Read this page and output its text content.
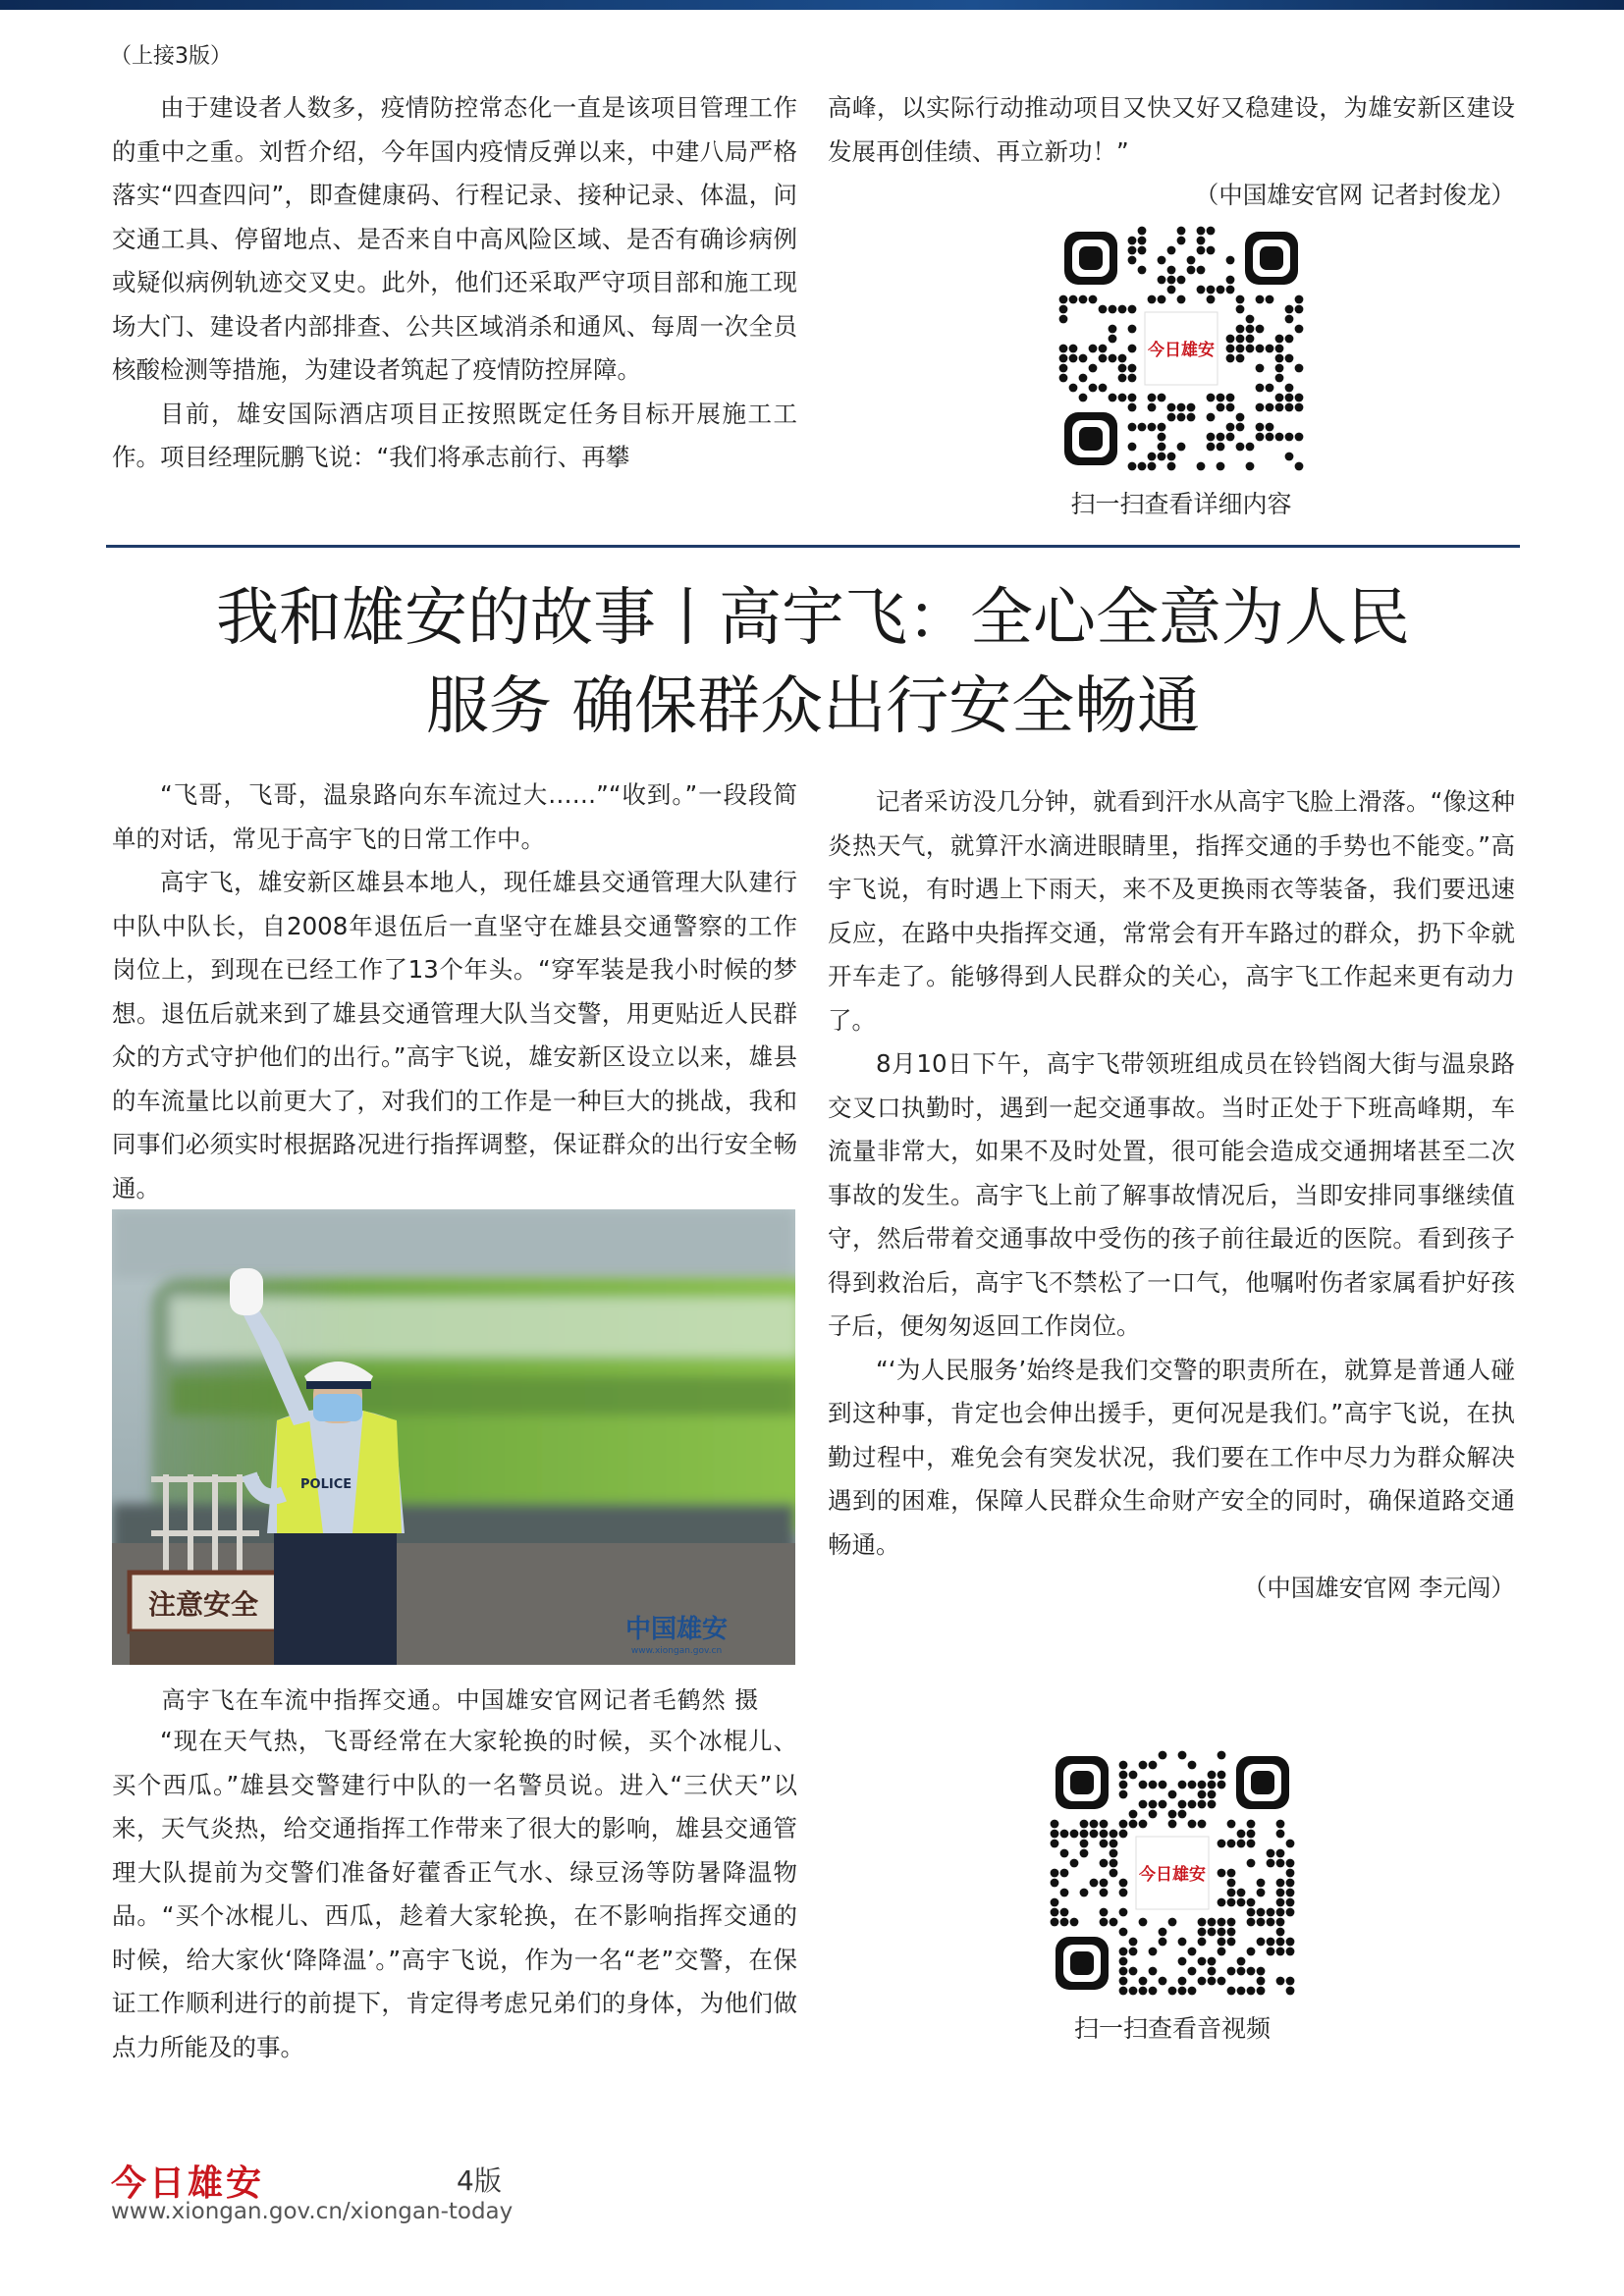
（上接3版）

由于建设者人数多，疫情防控常态化一直是该项目管理工作的重中之重。刘哲介绍，今年国内疫情反弹以来，中建八局严格落实“四查四问”，即查健康码、行程记录、接种记录、体温，问交通工具、停留地点、是否来自中高风险区域、是否有确诊病例或疑似病例轨迹交叉史。此外，他们还采取严守项目部和施工现场大门、建设者内部排查、公共区域消杀和通风、每周一次全员核酸检测等措施，为建设者筑起了疫情防控屏障。

目前，雄安国际酒店项目正按照既定任务目标开展施工工作。项目经理阮鹏飞说：“我们将承志前行、再攀

高峰，以实际行动推动项目又快又好又稳建设，为雄安新区建设发展再创佳绩、再立新功！”

（中国雄安官网 记者封俊龙）

今日雄安
扫一扫查看详细内容
我和雄安的故事丨高宇飞：全心全意为人民
服务 确保群众出行安全畅通

“飞哥，飞哥，温泉路向东车流过大……”“收到。”一段段简单的对话，常见于高宇飞的日常工作中。

高宇飞，雄安新区雄县本地人，现任雄县交通管理大队建行中队中队长，自2008年退伍后一直坚守在雄县交通警察的工作岗位上，到现在已经工作了13个年头。“穿军装是我小时候的梦想。退伍后就来到了雄县交通管理大队当交警，用更贴近人民群众的方式守护他们的出行。”高宇飞说，雄安新区设立以来，雄县的车流量比以前更大了，对我们的工作是一种巨大的挑战，我和同事们必须实时根据路况进行指挥调整，保证群众的出行安全畅通。

注意安全
POLICE
中国雄安
www.xiongan.gov.cn
高宇飞在车流中指挥交通。中国雄安官网记者毛鹤然 摄

“现在天气热，飞哥经常在大家轮换的时候，买个冰棍儿、买个西瓜。”雄县交警建行中队的一名警员说。进入“三伏天”以来，天气炎热，给交通指挥工作带来了很大的影响，雄县交通管理大队提前为交警们准备好藿香正气水、绿豆汤等防暑降温物品。“买个冰棍儿、西瓜，趁着大家轮换，在不影响指挥交通的时候，给大家伙‘降降温’。”高宇飞说，作为一名“老”交警，在保证工作顺利进行的前提下，肯定得考虑兄弟们的身体，为他们做点力所能及的事。

记者采访没几分钟，就看到汗水从高宇飞脸上滑落。“像这种炎热天气，就算汗水滴进眼睛里，指挥交通的手势也不能变。”高宇飞说，有时遇上下雨天，来不及更换雨衣等装备，我们要迅速反应，在路中央指挥交通，常常会有开车路过的群众，扔下伞就开车走了。能够得到人民群众的关心，高宇飞工作起来更有动力了。

8月10日下午，高宇飞带领班组成员在铃铛阁大街与温泉路交叉口执勤时，遇到一起交通事故。当时正处于下班高峰期，车流量非常大，如果不及时处置，很可能会造成交通拥堵甚至二次事故的发生。高宇飞上前了解事故情况后，当即安排同事继续值守，然后带着交通事故中受伤的孩子前往最近的医院。看到孩子得到救治后，高宇飞不禁松了一口气，他嘱咐伤者家属看护好孩子后，便匆匆返回工作岗位。

“‘为人民服务’始终是我们交警的职责所在，就算是普通人碰到这种事，肯定也会伸出援手，更何况是我们。”高宇飞说，在执勤过程中，难免会有突发状况，我们要在工作中尽力为群众解决遇到的困难，保障人民群众生命财产安全的同时，确保道路交通畅通。

（中国雄安官网 李元闯）

今日雄安
扫一扫查看音视频
今日雄安	4版
www.xiongan.gov.cn/xiongan-today
